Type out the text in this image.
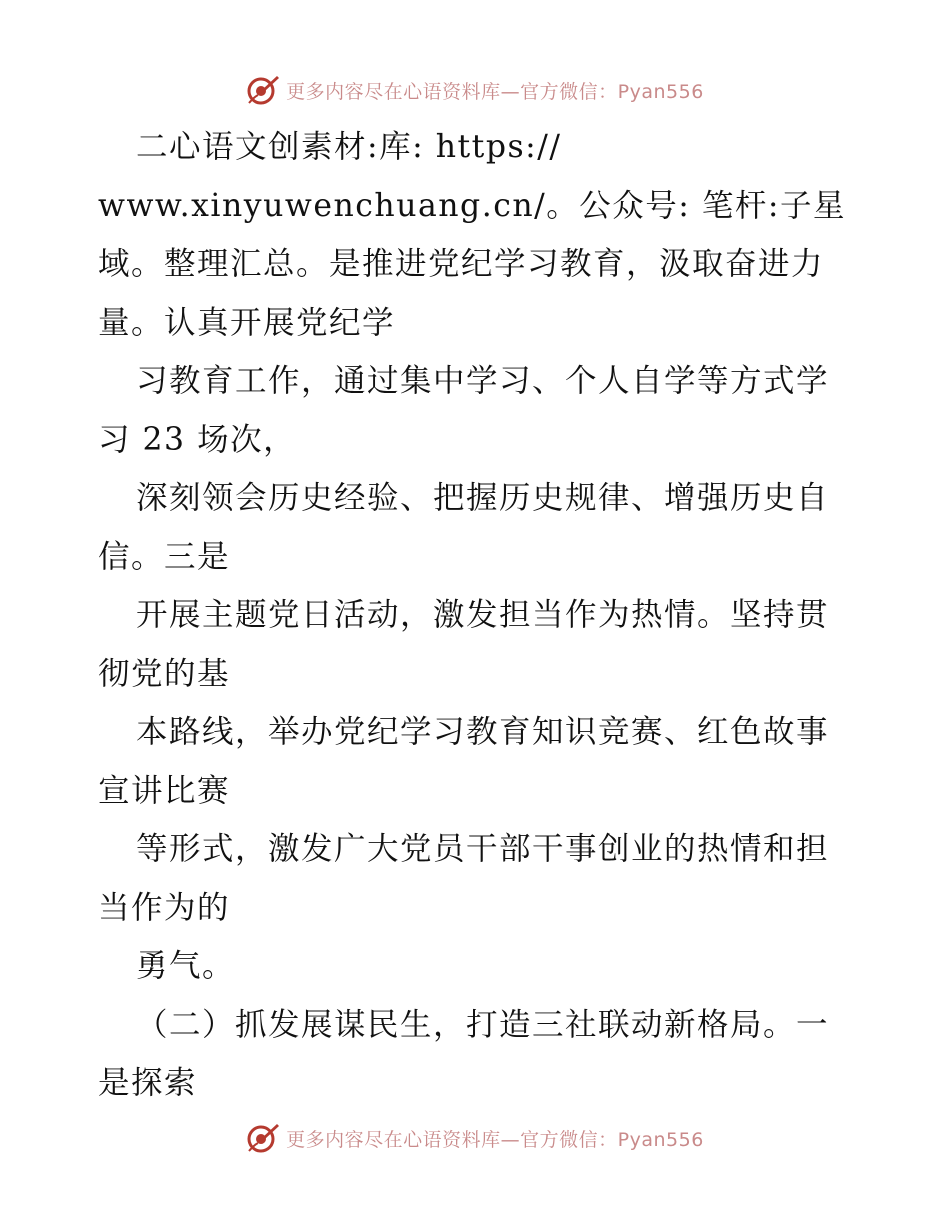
更多内容尽在心语资料库—官方微信：Pyan556
二心语文创素材:库: https://
www.xinyuwenchuang.cn/。公众号: 笔杆:子星
域。整理汇总。是推进党纪学习教育，汲取奋进力
量。认真开展党纪学
习教育工作，通过集中学习、个人自学等方式学
习 23 场次，
深刻领会历史经验、把握历史规律、增强历史自
信。三是
开展主题党日活动，激发担当作为热情。坚持贯
彻党的基
本路线，举办党纪学习教育知识竞赛、红色故事
宣讲比赛
等形式，激发广大党员干部干事创业的热情和担
当作为的
勇气。
（二）抓发展谋民生，打造三社联动新格局。一
是探索
更多内容尽在心语资料库—官方微信：Pyan556
